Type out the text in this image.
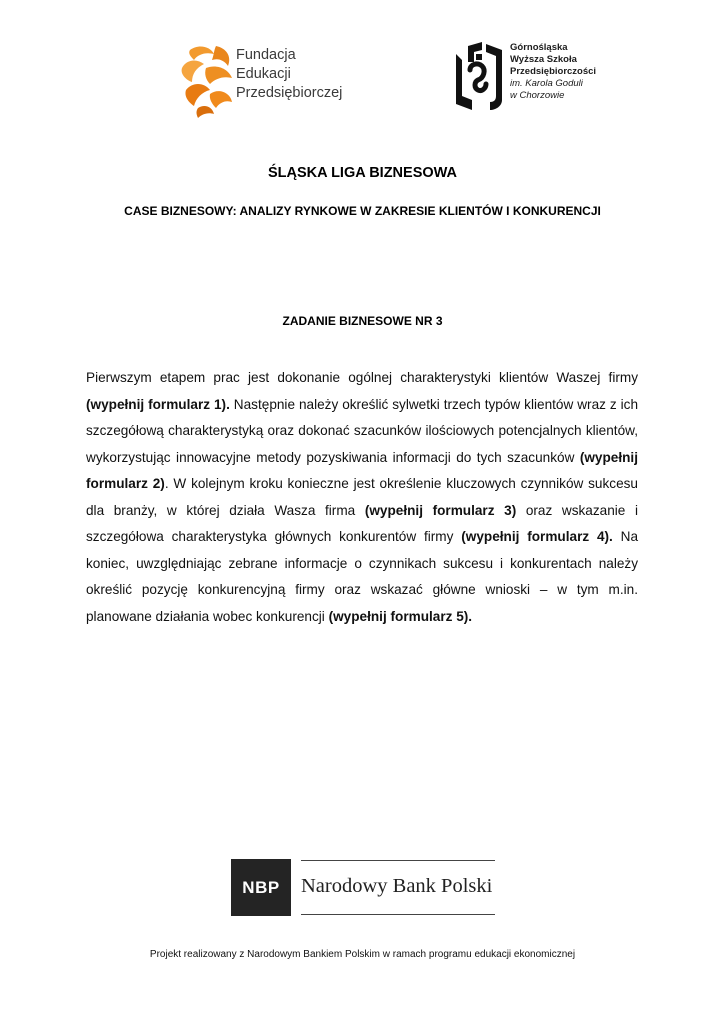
Fundacja
Edukacji
Przedsiębiorczej
Górnośląska
Wyższa Szkoła
Przedsiębiorczości
im. Karola Goduli
w Chorzowie
ŚLĄSKA LIGA BIZNESOWA
CASE BIZNESOWY: ANALIZY RYNKOWE W ZAKRESIE KLIENTÓW I KONKURENCJI
ZADANIE BIZNESOWE NR 3
Pierwszym etapem prac jest dokonanie ogólnej charakterystyki klientów Waszej firmy (wypełnij formularz 1). Następnie należy określić sylwetki trzech typów klientów wraz z ich szczegółową charakterystyką oraz dokonać szacunków ilościowych potencjalnych klientów, wykorzystując innowacyjne metody pozyskiwania informacji do tych szacunków (wypełnij formularz 2). W kolejnym kroku konieczne jest określenie kluczowych czynników sukcesu dla branży, w której działa Wasza firma (wypełnij formularz 3) oraz wskazanie i szczegółowa charakterystyka głównych konkurentów firmy (wypełnij formularz 4). Na koniec, uwzględniając zebrane informacje o czynnikach sukcesu i konkurentach należy określić pozycję konkurencyjną firmy oraz wskazać główne wnioski – w tym m.in. planowane działania wobec konkurencji (wypełnij formularz 5).
NBP	Narodowy Bank Polski
Projekt realizowany z Narodowym Bankiem Polskim w ramach programu edukacji ekonomicznej
